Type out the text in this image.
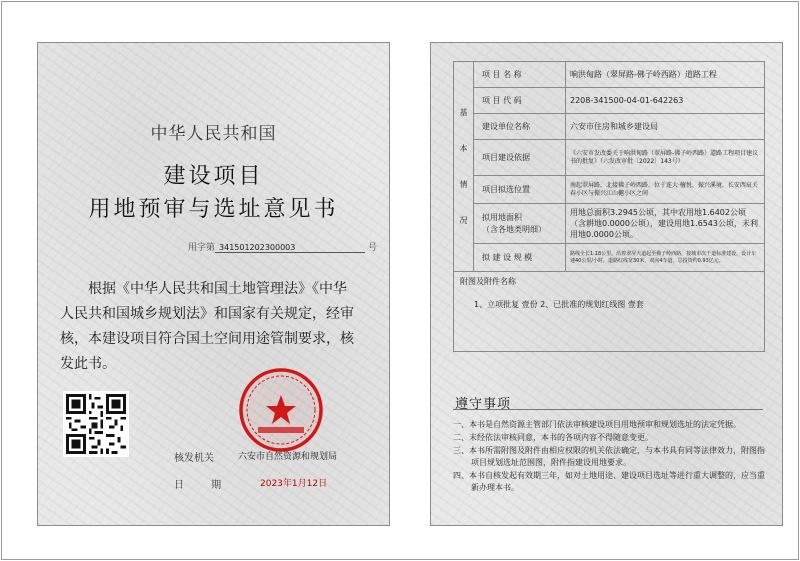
中华人民共和国
建设项目
用地预审与选址意见书
用字第 341501202300003	号
根据《中华人民共和国土地管理法》《中华人民共和国城乡规划法》和国家有关规定，经审核，本建设项目符合国土空间用途管制要求，核发此书。
核发机关	六安市自然资源和规划局
日 期	2023年1月12日
基

本

情

况	项 目 名 称	响洪甸路（翠屏路-佛子岭西路）道路工程
	项 目 代 码	2208-341500-04-01-642263
	建设单位名称	六安市住房和城乡建设局
	项目建设依据	《六安市发改委关于响洪甸路（翠屏路-佛子岭西路）道路工程项目建议书的批复》（六发改审批〔2022〕143号）
	项目拟选位置	南起翠屏路，北接佛子岭西路，位于连大·檀悦、振兴溪境、长安西宸关春小区与振兴江山樾小区之间
	拟用地面积
（含各地类明细）	用地总面积3.2945公顷，其中农用地1.6402公顷（含耕地0.0000公顷），建设用地1.6543公顷，未利用地0.0000公顷。
	拟 建 设 规 模	路线全长1.18公里，沿着翠屏大道起至佛子岭西路，按城市次干道标准建设，设计车速40公里/小时，道路红线宽30米，双向4车道，总投资约0.93亿元。

附图及附件名称
1、立项批复 壹份 2、已批准的规划红线图 壹套		
遵守事项
一、本书是自然资源主管部门依法审核建设项目用地预审和规划选址的法定凭据。
二、未经依法审核同意，本书的各项内容不得随意变更。
三、本书所需附图及附件由相应权限的机关依法确定，与本书具有同等法律效力，附图指项目规划选址范围图，附件指建设用地要求。
四、本书自核发起有效期三年，如对土地用途、建设项目选址等进行重大调整的，应当重新办理本书。
